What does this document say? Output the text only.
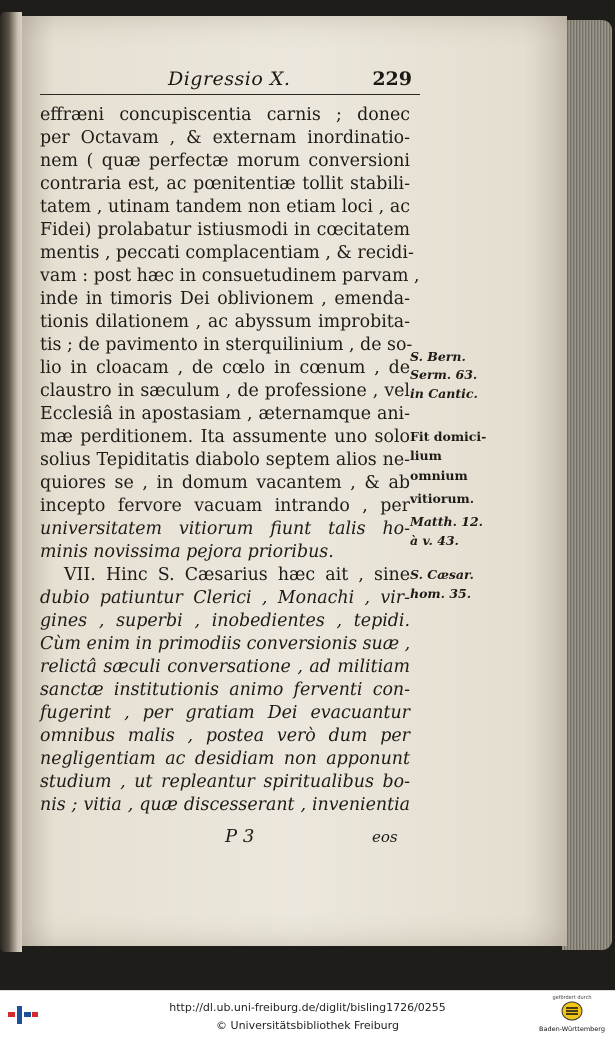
Digressio X.	229
effræni concupiscentia carnis ; donec
per Octavam , & externam inordinatio-
nem ( quæ perfectæ morum conversioni
contraria est, ac pœnitentiæ tollit stabili-
tatem , utinam tandem non etiam loci , ac
Fidei) prolabatur istiusmodi in cœcitatem
mentis , peccati complacentiam , & recidi-
vam : post hæc in consuetudinem parvam ,
inde in timoris Dei oblivionem , emenda-
tionis dilationem , ac abyssum improbita-
tis ; de pavimento in sterquilinium , de so-
lio in cloacam , de cœlo in cœnum , de
claustro in sæculum , de professione , vel
Ecclesiâ in apostasiam , æternamque ani-
mæ perditionem. Ita assumente uno solo
solius Tepiditatis diabolo septem alios ne-
quiores se , in domum vacantem , & ab
incepto fervore vacuam intrando , per
universitatem vitiorum fiunt talis ho-
minis novissima pejora prioribus.
VII. Hinc S. Cæsarius hæc ait , sine
dubio patiuntur Clerici , Monachi , vir-
gines , superbi , inobedientes , tepidi.
Cùm enim in primodiis conversionis suæ ,
relictâ sæculi conversatione , ad militiam
sanctæ institutionis animo ferventi con-
fugerint , per gratiam Dei evacuantur
omnibus malis , postea verò dum per
negligentiam ac desidiam non apponunt
studium , ut repleantur spiritualibus bo-
nis ; vitia , quæ discesserant , invenientia
S. Bern.
Serm. 63.
in Cantic.
Fit domici-
lium
omnium
vitiorum.
Matth. 12.
à v. 43.
S. Cæsar.
hom. 35.
P 3	eos
http://dl.ub.uni-freiburg.de/diglit/bisling1726/0255
© Universitätsbibliothek Freiburg
gefördert durch
Baden-Württemberg
